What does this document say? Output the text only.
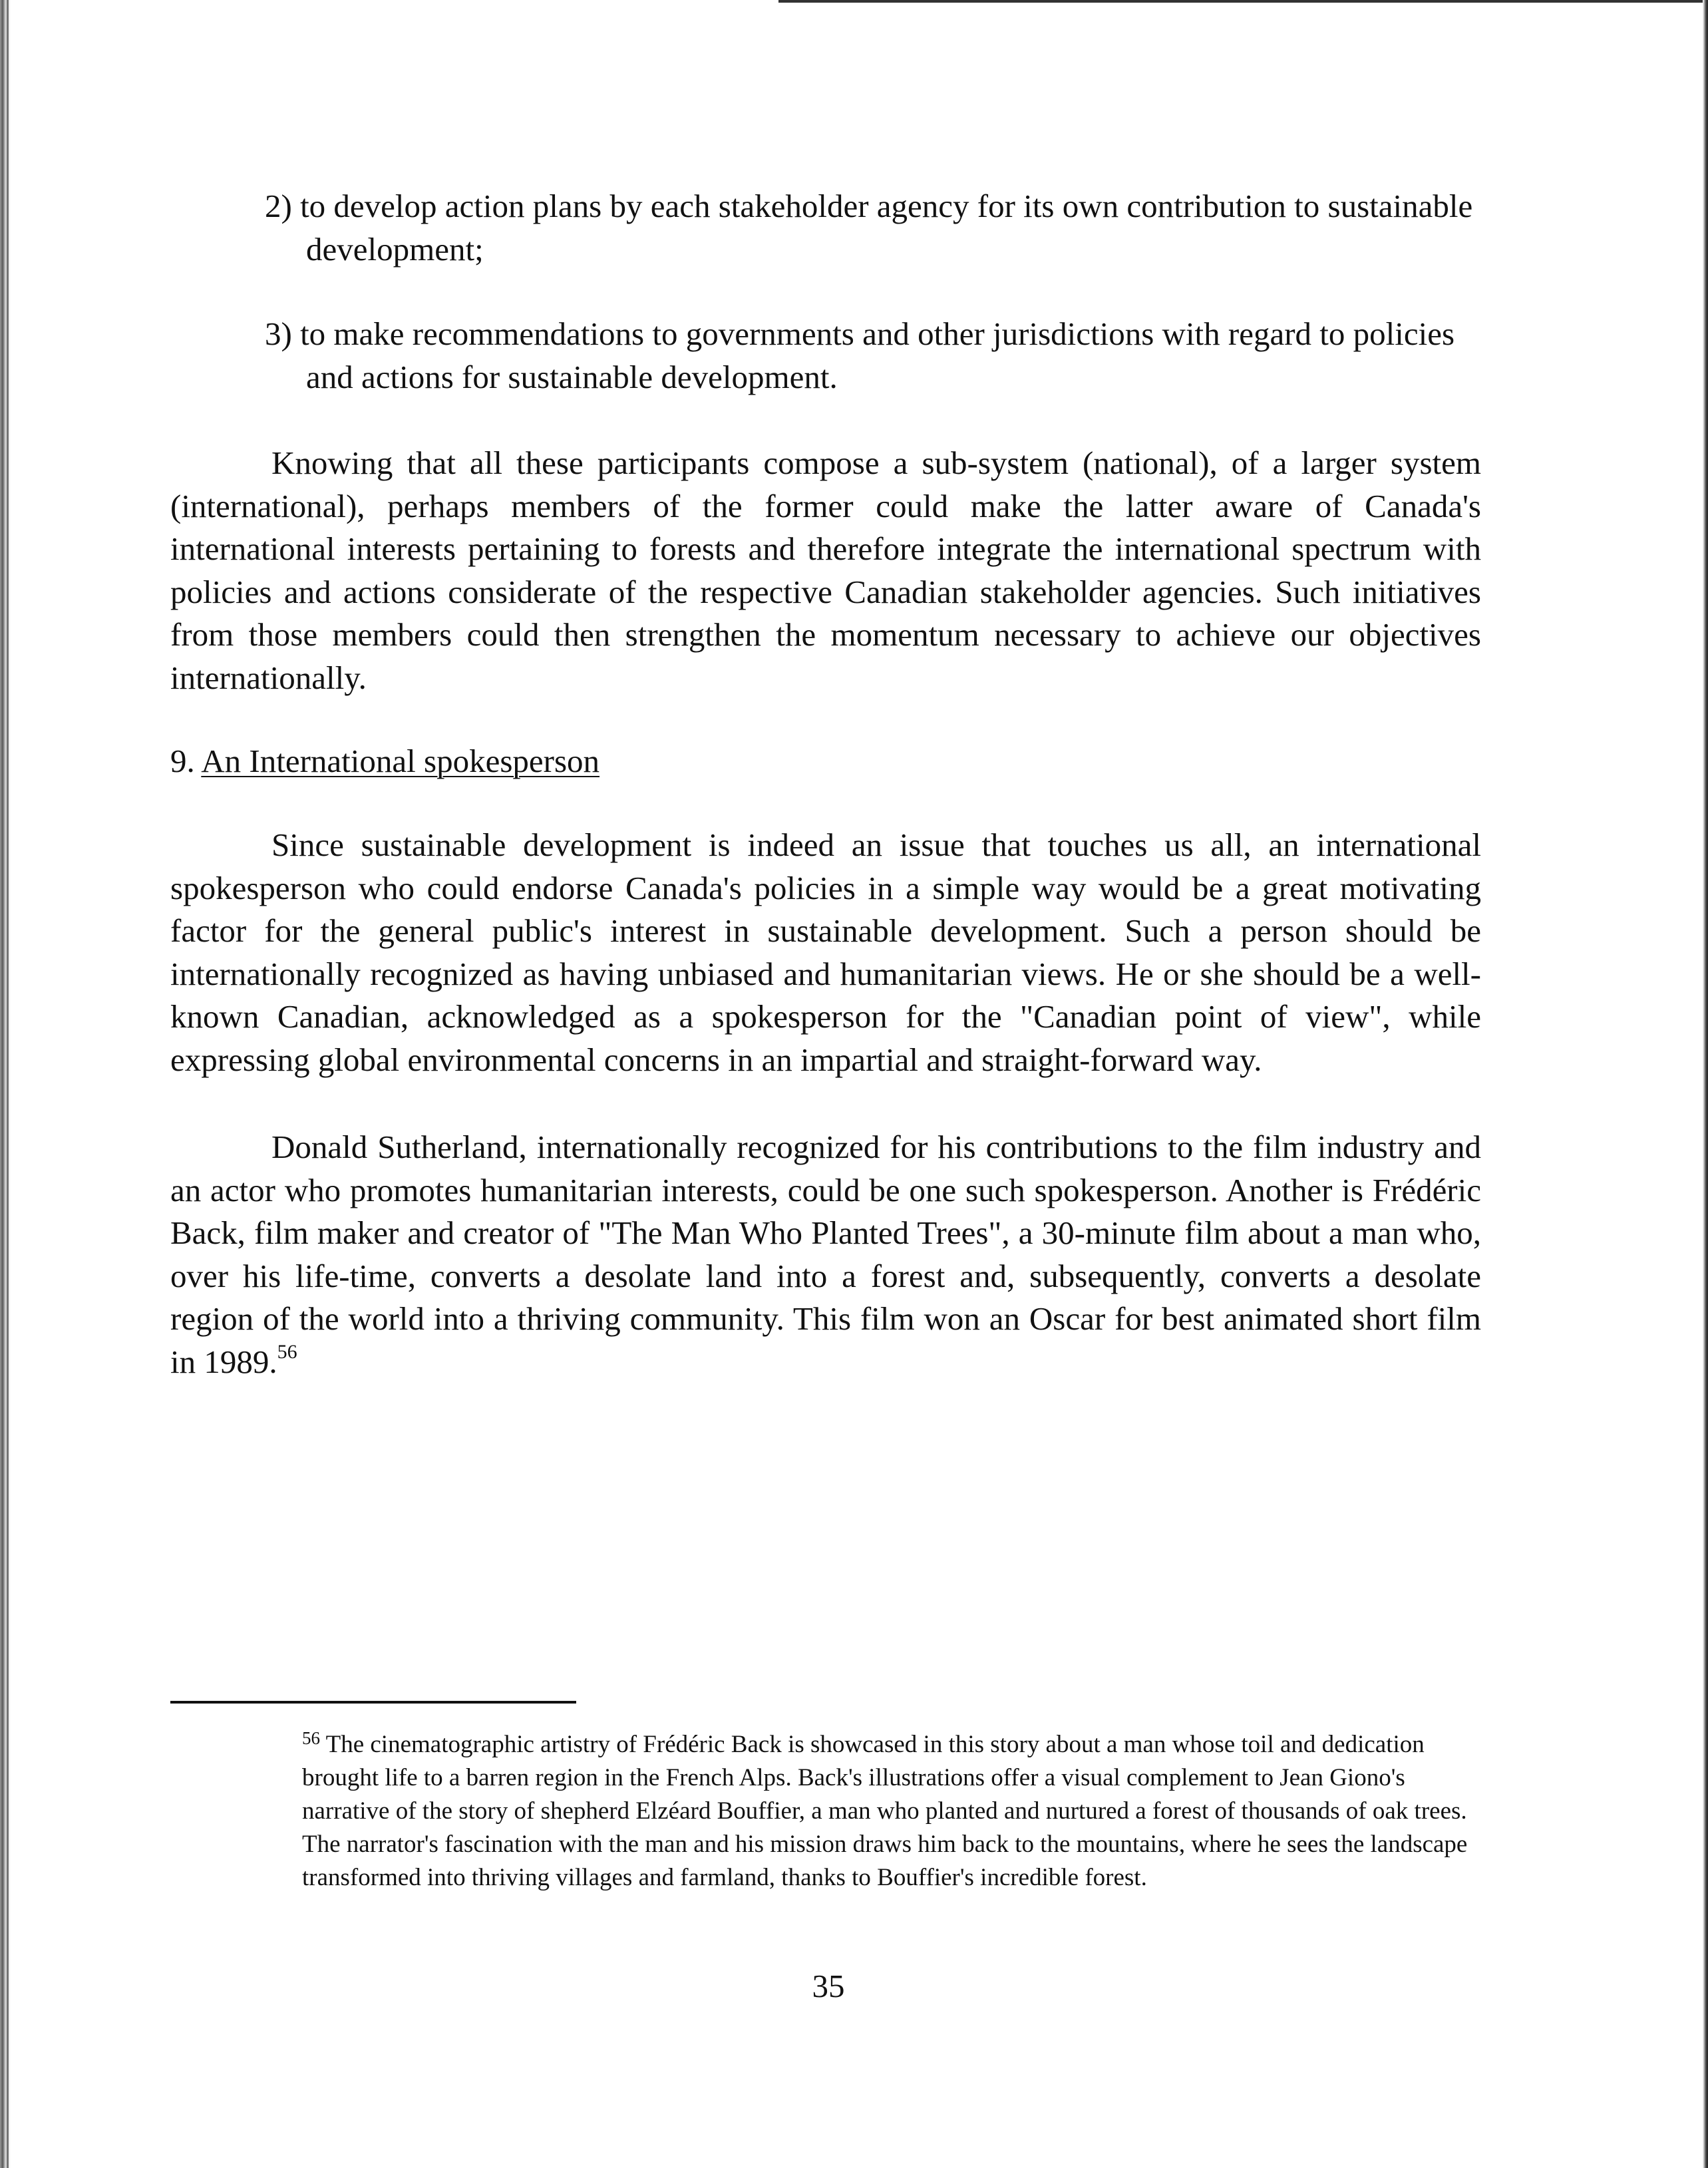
2) to develop action plans by each stakeholder agency for its own contribution to sustainable development;

3) to make recommendations to governments and other jurisdictions with regard to policies and actions for sustainable development.

Knowing that all these participants compose a sub-system (national), of a larger system (international), perhaps members of the former could make the latter aware of Canada's international interests pertaining to forests and therefore integrate the international spectrum with policies and actions considerate of the respective Canadian stakeholder agencies. Such initiatives from those members could then strengthen the momentum necessary to achieve our objectives internationally.

9. An International spokesperson

Since sustainable development is indeed an issue that touches us all, an international spokesperson who could endorse Canada's policies in a simple way would be a great motivating factor for the general public's interest in sustainable development. Such a person should be internationally recognized as having unbiased and humanitarian views. He or she should be a well-known Canadian, acknowledged as a spokesperson for the "Canadian point of view", while expressing global environmental concerns in an impartial and straight-forward way.

Donald Sutherland, internationally recognized for his contributions to the film industry and an actor who promotes humanitarian interests, could be one such spokesperson. Another is Frédéric Back, film maker and creator of "The Man Who Planted Trees", a 30-minute film about a man who, over his life-time, converts a desolate land into a forest and, subsequently, converts a desolate region of the world into a thriving community. This film won an Oscar for best animated short film in 1989.56

$^{56}$ The cinematographic artistry of Frédéric Back is showcased in this story about a man whose toil and dedication brought life to a barren region in the French Alps. Back's illustrations offer a visual complement to Jean Giono's narrative of the story of shepherd Elzéard Bouffier, a man who planted and nurtured a forest of thousands of oak trees. The narrator's fascination with the man and his mission draws him back to the mountains, where he sees the landscape transformed into thriving villages and farmland, thanks to Bouffier's incredible forest.

35
